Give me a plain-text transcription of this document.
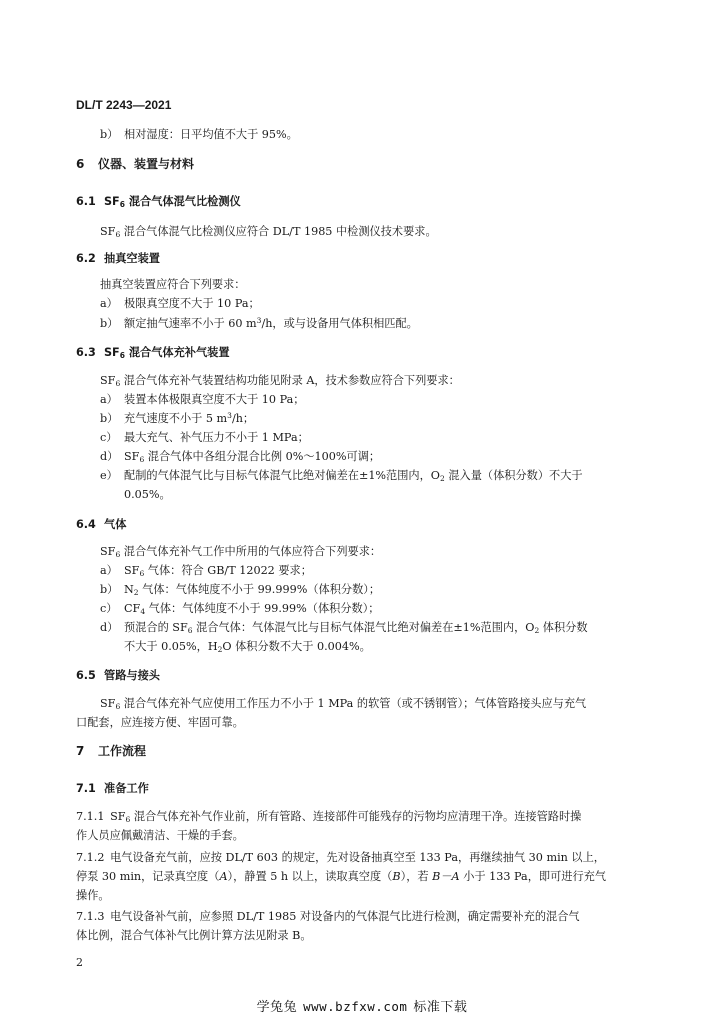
DL/T 2243—2021
b） 相对湿度：日平均值不大于 95%。
6 仪器、装置与材料
6.1 $SF_6$ 混合气体混气比检测仪
$SF_6$ 混合气体混气比检测仪应符合 DL/T 1985 中检测仪技术要求。
6.2 抽真空装置
抽真空装置应符合下列要求：
a） 极限真空度不大于 10 Pa；
b） 额定抽气速率不小于 60 $m^3/h$，或与设备用气体积相匹配。
6.3 $SF_6$ 混合气体充补气装置
$SF_6$ 混合气体充补气装置结构功能见附录 A，技术参数应符合下列要求：
a） 装置本体极限真空度不大于 10 Pa；
b） 充气速度不小于 5 $m^3/h$；
c） 最大充气、补气压力不小于 1 MPa；
d） $SF_6$ 混合气体中各组分混合比例 0%～100%可调；
e） 配制的气体混气比与目标气体混气比绝对偏差在±1%范围内，$O_2$ 混入量（体积分数）不大于
0.05%。
6.4 气体
$SF_6$ 混合气体充补气工作中所用的气体应符合下列要求：
a） $SF_6$ 气体：符合 GB/T 12022 要求；
b） $N_2$ 气体：气体纯度不小于 99.999%（体积分数）；
c） $CF_4$ 气体：气体纯度不小于 99.99%（体积分数）；
d） 预混合的 $SF_6$ 混合气体：气体混气比与目标气体混气比绝对偏差在±1%范围内，$O_2$ 体积分数
不大于 0.05%，$H_2O$ 体积分数不大于 0.004%。
6.5 管路与接头
$SF_6$ 混合气体充补气应使用工作压力不小于 1 MPa 的软管（或不锈钢管）；气体管路接头应与充气
口配套，应连接方便、牢固可靠。
7 工作流程
7.1 准备工作
7.1.1  $SF_6$ 混合气体充补气作业前，所有管路、连接部件可能残存的污物均应清理干净。连接管路时操
作人员应佩戴清洁、干燥的手套。
7.1.2  电气设备充气前，应按 DL/T 603 的规定，先对设备抽真空至 133 Pa，再继续抽气 30 min 以上，
停泵 30 min，记录真空度（A），静置 5 h 以上，读取真空度（B），若 B－A 小于 133 Pa，即可进行充气
操作。
7.1.3  电气设备补气前，应参照 DL/T 1985 对设备内的气体混气比进行检测，确定需要补充的混合气
体比例，混合气体补气比例计算方法见附录 B。
2
学兔兔 www.bzfxw.com 标准下载
